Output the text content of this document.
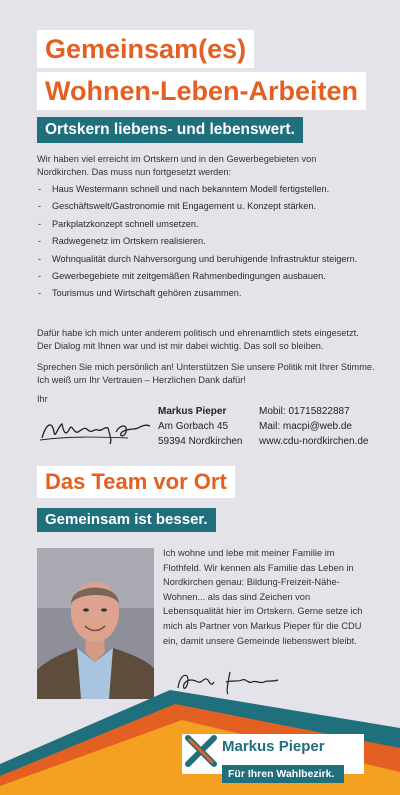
Gemeinsam(es)
Wohnen-Leben-Arbeiten
Ortskern liebens- und lebenswert.
Wir haben viel erreicht im Ortskern und in den Gewerbegebieten von Nordkirchen. Das muss nun fortgesetzt werden:
- Haus Westermann schnell und nach bekanntem Modell fertigstellen.
- Geschäftswelt/Gastronomie mit Engagement u. Konzept stärken.
- Parkplatzkonzept schnell umsetzen.
- Radwegenetz im Ortskern realisieren.
- Wohnqualität durch Nahversorgung und beruhigende Infrastruktur steigern.
- Gewerbegebiete mit zeitgemäßen Rahmenbedingungen ausbauen.
- Tourismus und Wirtschaft gehören zusammen.
Dafür habe ich mich unter anderem politisch und ehrenamtlich stets eingesetzt. Der Dialog mit Ihnen war und ist mir dabei wichtig. Das soll so bleiben.
Sprechen Sie mich persönlich an! Unterstützen Sie unsere Politik mit Ihrer Stimme. Ich weiß um Ihr Vertrauen – Herzlichen Dank dafür!
Ihr
Markus Pieper
Am Gorbach 45
59394 Nordkirchen
Mobil: 01715822887
Mail: macpi@web.de
www.cdu-nordkirchen.de
Das Team vor Ort
Gemeinsam ist besser.
Ich wohne und lebe mit meiner Familie im Flothfeld. Wir kennen als Familie das Leben in Nordkirchen genau: Bildung-Freizeit-Nähe-Wohnen... als das sind Zeichen von Lebensqualität hier im Ortskern. Gerne setze ich mich als Partner von Markus Pieper für die CDU ein, damit unsere Gemeinde liebenswert bleibt.
Markus Pieper
Für Ihren Wahlbezirk.
